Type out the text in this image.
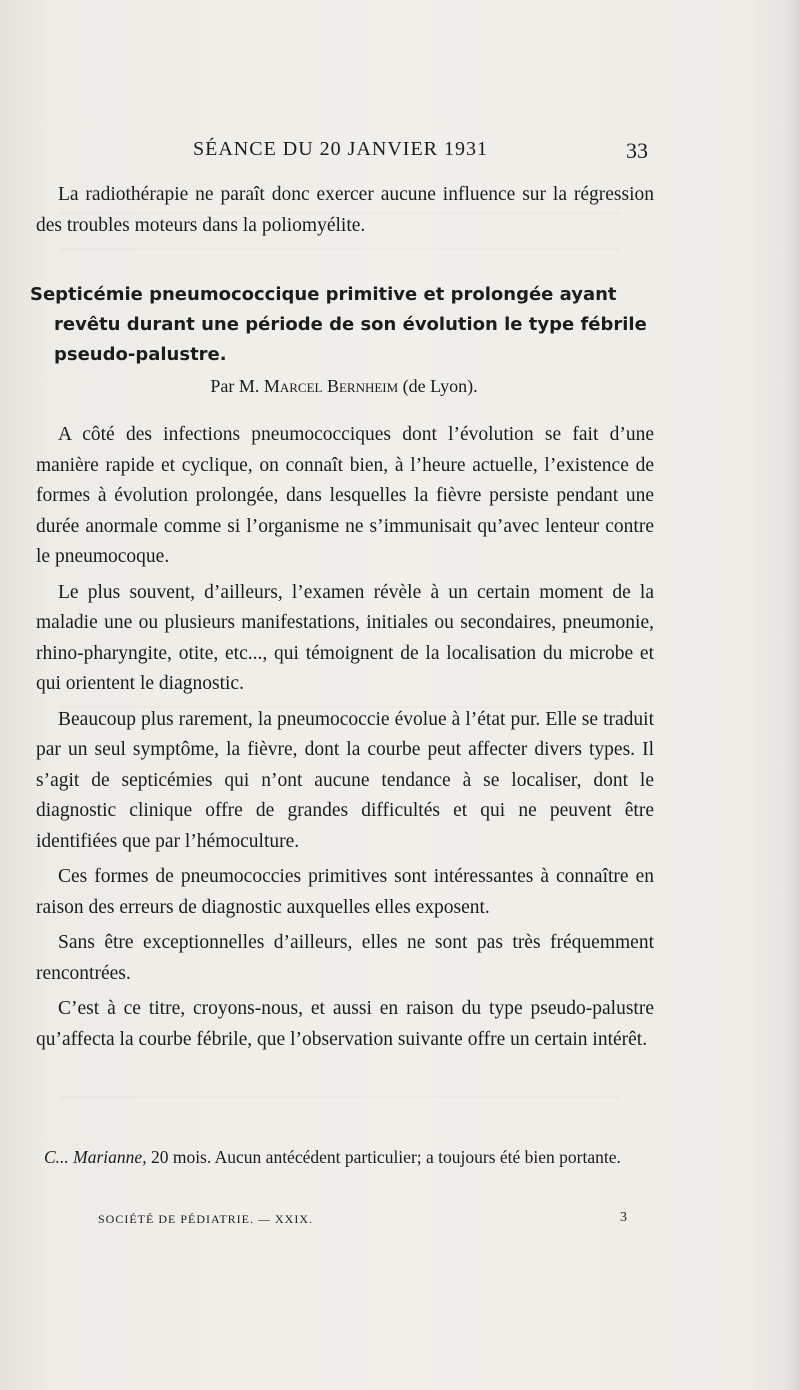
SÉANCE DU 20 JANVIER 1931	33

La radiothérapie ne paraît donc exercer aucune influence sur la régression des troubles moteurs dans la poliomyélite.

Septicémie pneumococcique primitive et prolongée ayant revêtu durant une période de son évolution le type fébrile pseudo-palustre.
Par M. Marcel Bernheim (de Lyon).

A côté des infections pneumococciques dont l’évolution se fait d’une manière rapide et cyclique, on connaît bien, à l’heure actuelle, l’existence de formes à évolution prolongée, dans lesquelles la fièvre persiste pendant une durée anormale comme si l’organisme ne s’immunisait qu’avec lenteur contre le pneumocoque.

Le plus souvent, d’ailleurs, l’examen révèle à un certain moment de la maladie une ou plusieurs manifestations, initiales ou secondaires, pneumonie, rhino-pharyngite, otite, etc..., qui témoignent de la localisation du microbe et qui orientent le diagnostic.

Beaucoup plus rarement, la pneumococcie évolue à l’état pur. Elle se traduit par un seul symptôme, la fièvre, dont la courbe peut affecter divers types. Il s’agit de septicémies qui n’ont aucune tendance à se localiser, dont le diagnostic clinique offre de grandes difficultés et qui ne peuvent être identifiées que par l’hémoculture.

Ces formes de pneumococcies primitives sont intéressantes à connaître en raison des erreurs de diagnostic auxquelles elles exposent.

Sans être exceptionnelles d’ailleurs, elles ne sont pas très fréquemment rencontrées.

C’est à ce titre, croyons-nous, et aussi en raison du type pseudo-palustre qu’affecta la courbe fébrile, que l’observation suivante offre un certain intérêt.

C... Marianne, 20 mois. Aucun antécédent particulier; a toujours été bien portante.

SOCIÉTÉ DE PÉDIATRIE. — XXIX.	3
